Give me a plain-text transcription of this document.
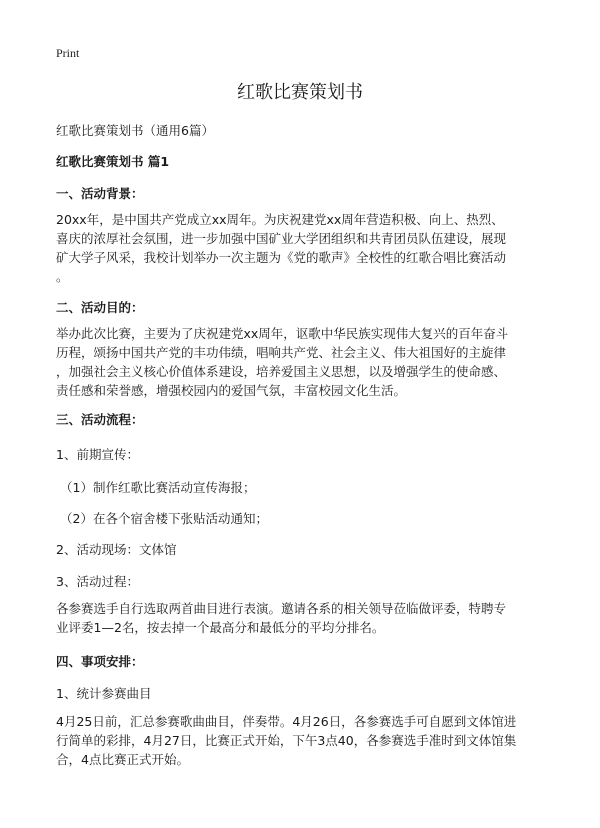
Print
红歌比赛策划书
红歌比赛策划书（通用6篇）
红歌比赛策划书 篇1
一、活动背景：

20xx年，是中国共产党成立xx周年。为庆祝建党xx周年营造积极、向上、热烈、
喜庆的浓厚社会氛围，进一步加强中国矿业大学团组织和共青团员队伍建设，展现
矿大学子风采，我校计划举办一次主题为《党的歌声》全校性的红歌合唱比赛活动
。

二、活动目的：

举办此次比赛，主要为了庆祝建党xx周年，讴歌中华民族实现伟大复兴的百年奋斗
历程，颂扬中国共产党的丰功伟绩，唱响共产党、社会主义、伟大祖国好的主旋律
，加强社会主义核心价值体系建设，培养爱国主义思想，以及增强学生的使命感、
责任感和荣誉感，增强校园内的爱国气氛，丰富校园文化生活。

三、活动流程：
1、前期宣传：
（1）制作红歌比赛活动宣传海报；
（2）在各个宿舍楼下张贴活动通知；
2、活动现场：文体馆
3、活动过程：

各参赛选手自行选取两首曲目进行表演。邀请各系的相关领导莅临做评委，特聘专
业评委1—2名，按去掉一个最高分和最低分的平均分排名。

四、事项安排：
1、统计参赛曲目

4月25日前，汇总参赛歌曲曲目，伴奏带。4月26日，各参赛选手可自愿到文体馆进
行简单的彩排，4月27日，比赛正式开始，下午3点40，各参赛选手准时到文体馆集
合，4点比赛正式开始。
